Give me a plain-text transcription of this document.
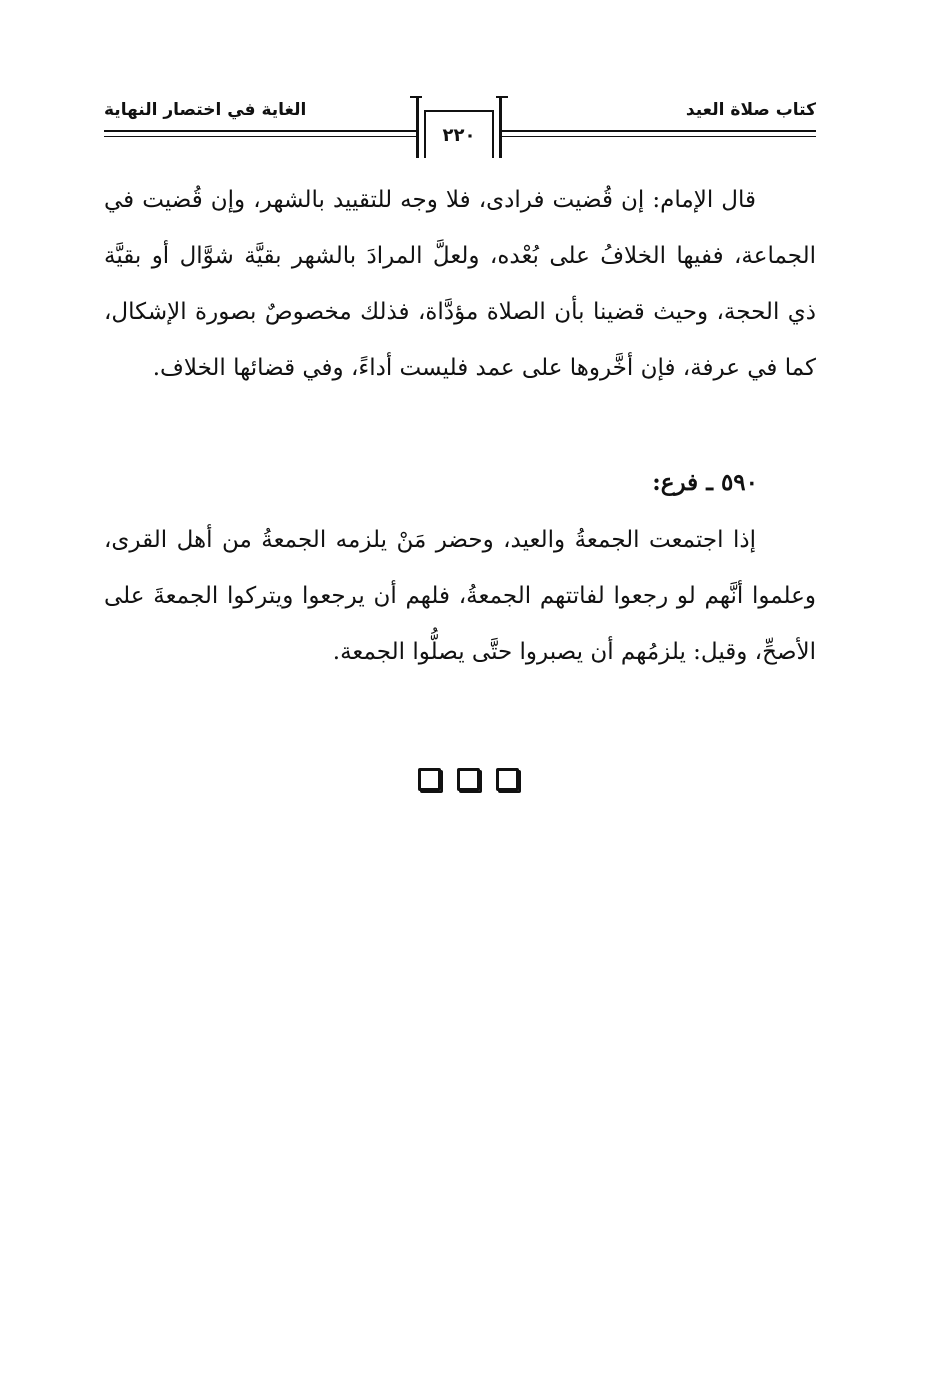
كتاب صلاة العيد
الغاية في اختصار النهاية
٢٢٠
قال الإمام: إن قُضيت فرادى، فلا وجه للتقييد بالشهر، وإن قُضيت في الجماعة، ففيها الخلافُ على بُعْده، ولعلَّ المرادَ بالشهر بقيَّة شوَّال أو بقيَّة ذي الحجة، وحيث قضينا بأن الصلاة مؤدَّاة، فذلك مخصوصٌ بصورة الإشكال، كما في عرفة، فإن أخَّروها على عمد فليست أداءً، وفي قضائها الخلاف.
٥٩٠ ـ فرع:
إذا اجتمعت الجمعةُ والعيد، وحضر مَنْ يلزمه الجمعةُ من أهل القرى، وعلموا أنَّهم لو رجعوا لفاتتهم الجمعةُ، فلهم أن يرجعوا ويتركوا الجمعةَ على الأصحِّ، وقيل: يلزمُهم أن يصبروا حتَّى يصلُّوا الجمعة.
